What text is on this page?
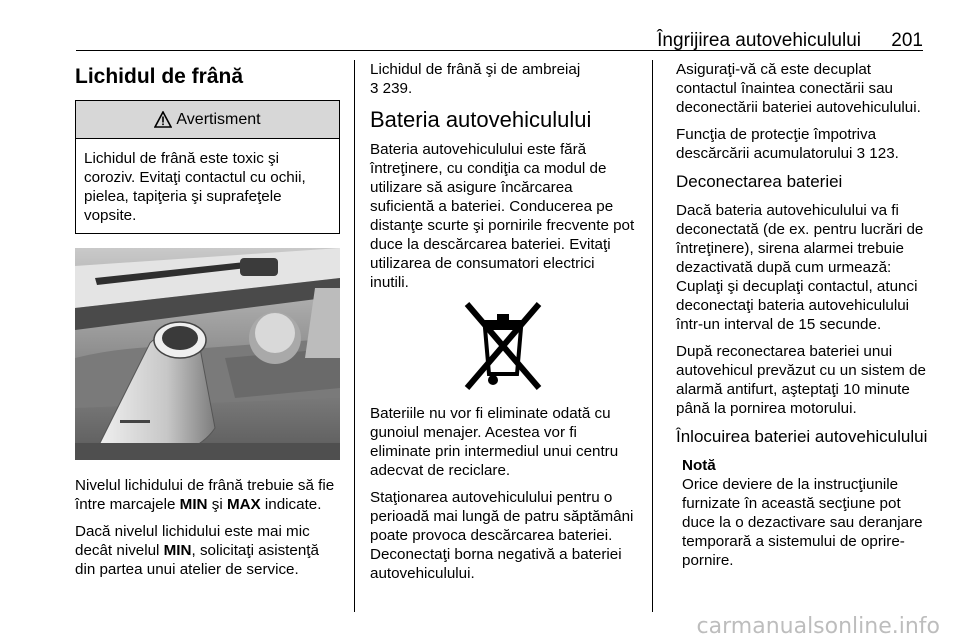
Îngrijirea autovehiculului 201
Lichidul de frână
Avertisment

Lichidul de frână este toxic şi coroziv. Evitaţi contactul cu ochii, pielea, tapiţeria şi suprafeţele vopsite.

Nivelul lichidului de frână trebuie să fie între marcajele MIN şi MAX indicate.

Dacă nivelul lichidului este mai mic decât nivelul MIN, solicitaţi asistenţă din partea unui atelier de service.

Lichidul de frână şi de ambreiaj
3 239.

Bateria autovehiculului

Bateria autovehiculului este fără întreţinere, cu condiţia ca modul de utilizare să asigure încărcarea suficientă a bateriei. Conducerea pe distanţe scurte şi pornirile frecvente pot duce la descărcarea bateriei. Evitaţi utilizarea de consumatori electrici inutili.

Bateriile nu vor fi eliminate odată cu gunoiul menajer. Acestea vor fi eliminate prin intermediul unui centru adecvat de reciclare.

Staţionarea autovehiculului pentru o perioadă mai lungă de patru săptămâni poate provoca descărcarea bateriei. Deconectaţi borna negativă a bateriei autovehiculului.

Asiguraţi-vă că este decuplat contactul înaintea conectării sau deconectării bateriei autovehiculului.

Funcţia de protecţie împotriva descărcării acumulatorului 3 123.

Deconectarea bateriei

Dacă bateria autovehiculului va fi deconectată (de ex. pentru lucrări de întreţinere), sirena alarmei trebuie dezactivată după cum urmează: Cuplaţi şi decuplaţi contactul, atunci deconectaţi bateria autovehiculului într-un interval de 15 secunde.

După reconectarea bateriei unui autovehicul prevăzut cu un sistem de alarmă antifurt, aşteptaţi 10 minute până la pornirea motorului.

Înlocuirea bateriei autovehiculului
Notă

Orice deviere de la instrucţiunile furnizate în această secţiune pot duce la o dezactivare sau deranjare temporară a sistemului de oprire-pornire.

carmanualsonline.info
